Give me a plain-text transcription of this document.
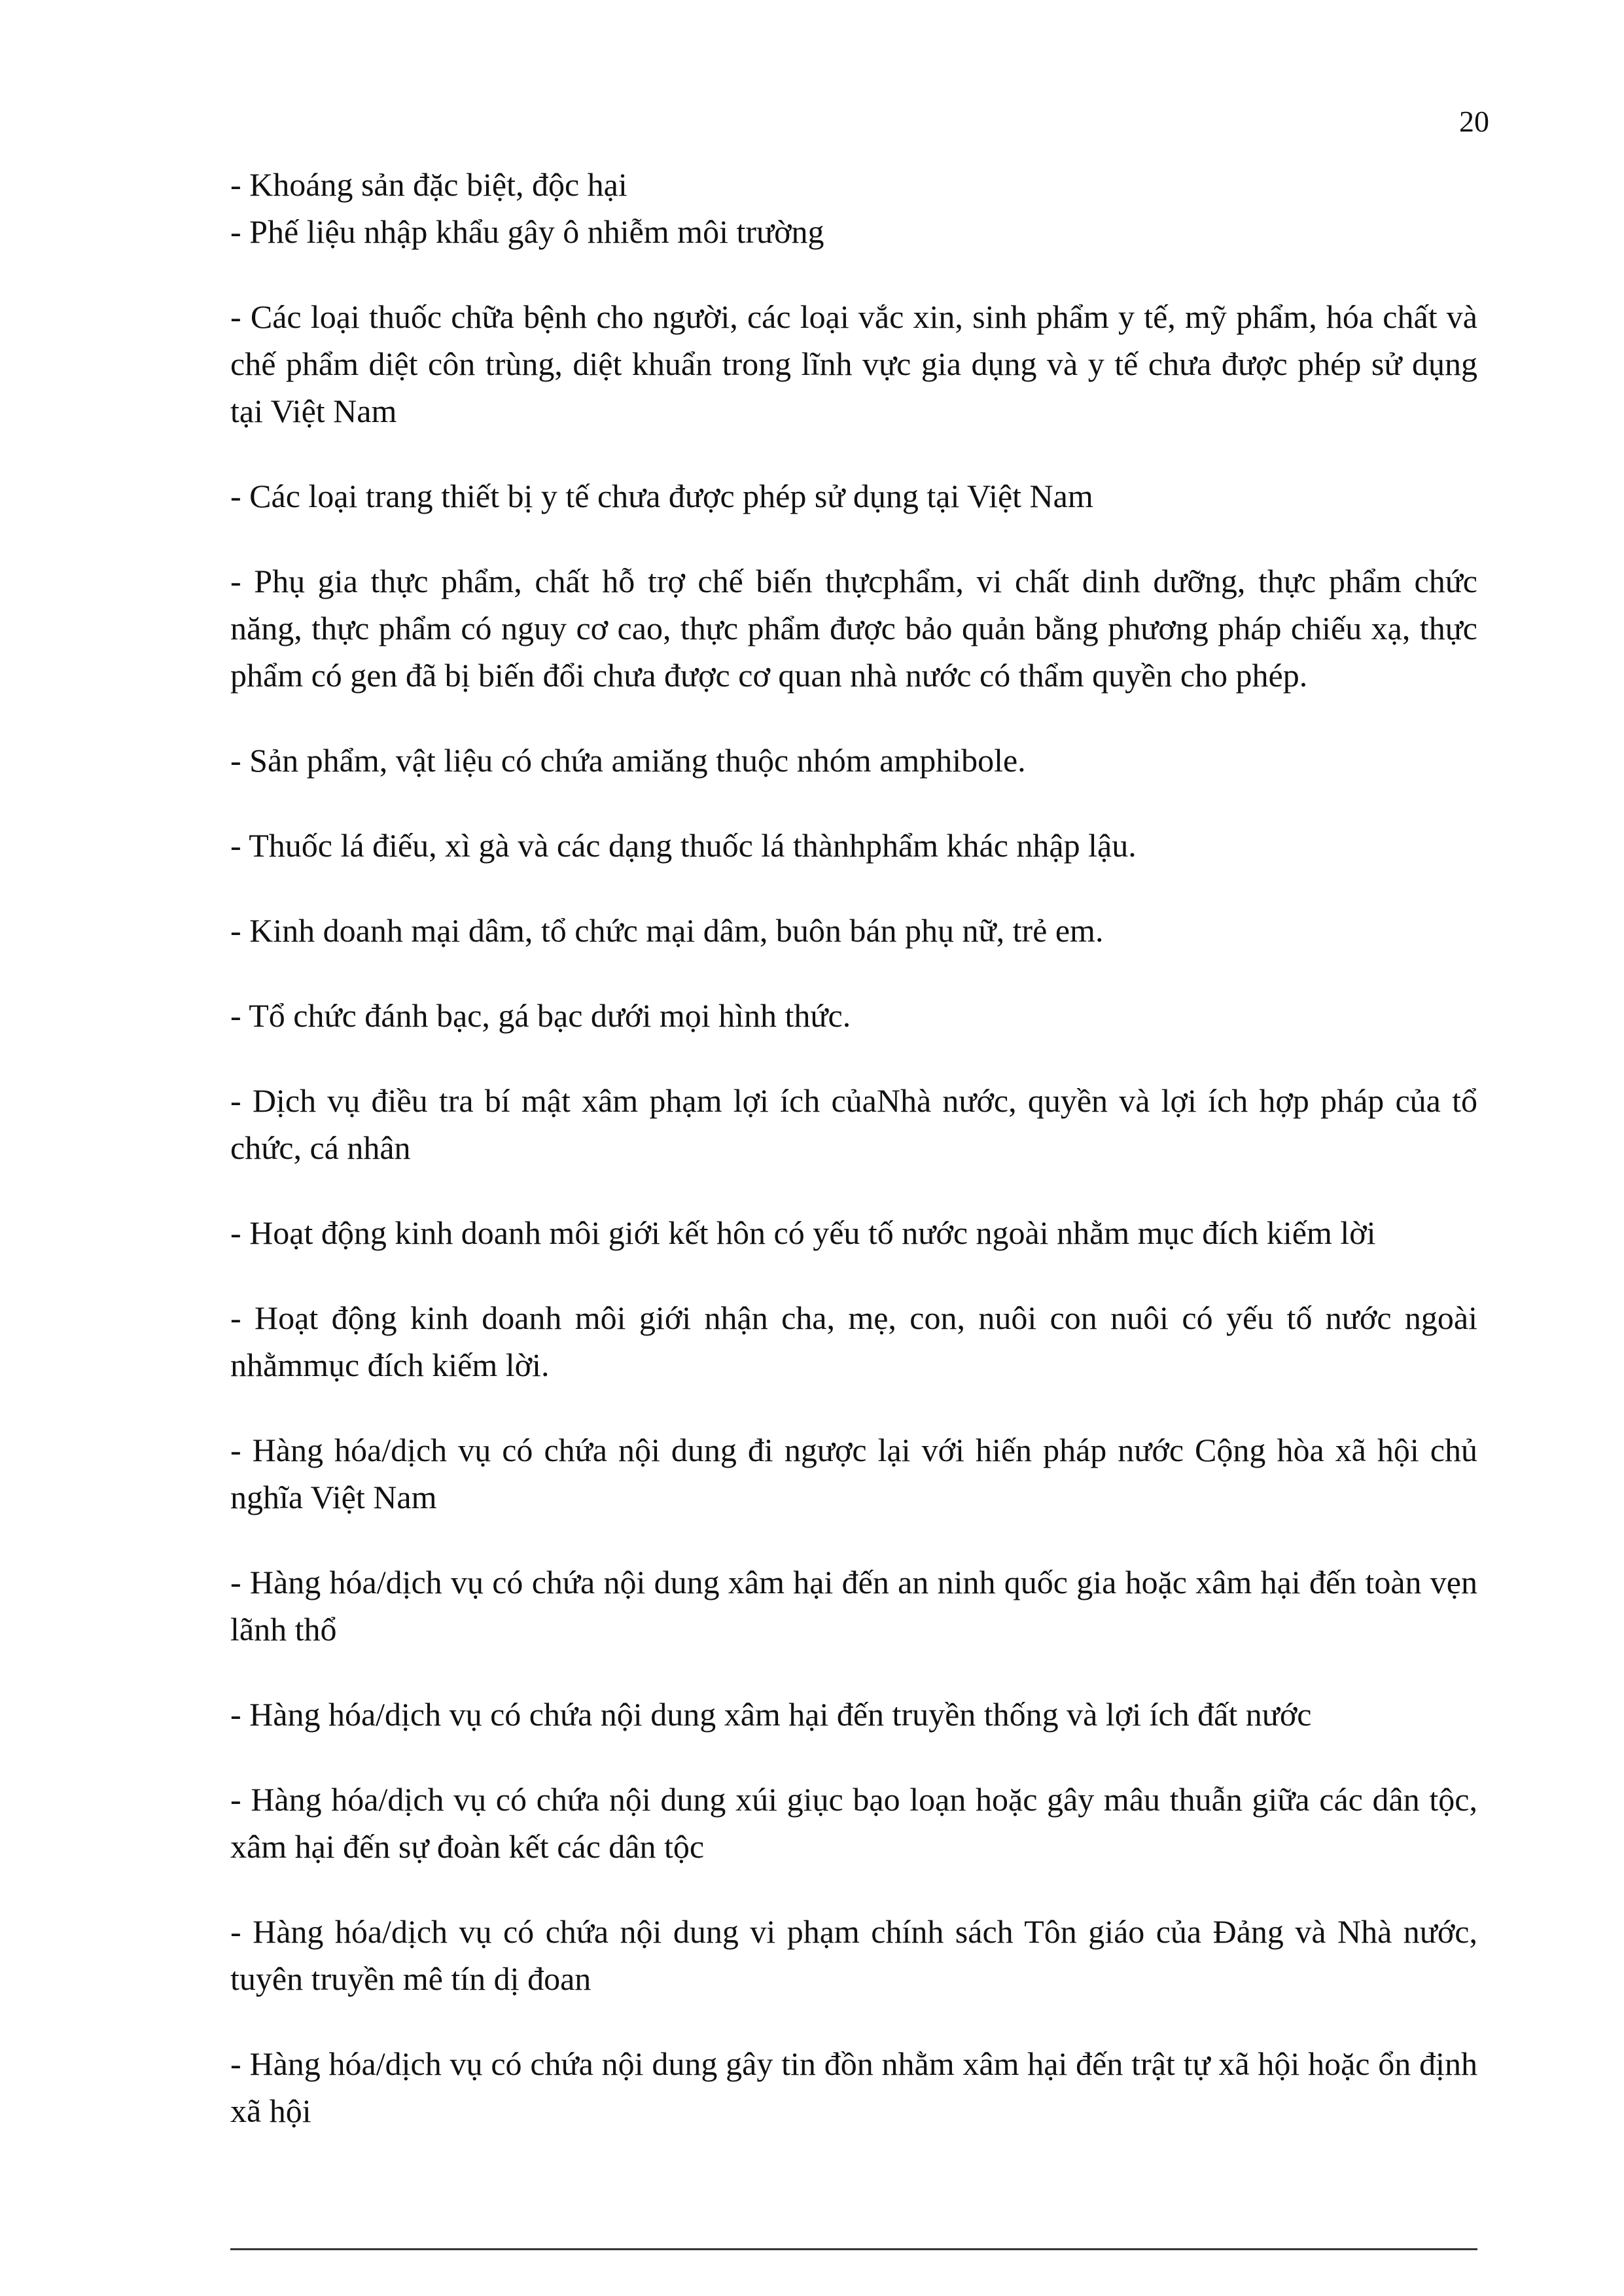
20

- Khoáng sản đặc biệt, độc hại

- Phế liệu nhập khẩu gây ô nhiễm môi trường

- Các loại thuốc chữa bệnh cho người, các loại vắc xin, sinh phẩm y tế, mỹ phẩm, hóa chất và chế phẩm diệt côn trùng, diệt khuẩn trong lĩnh vực gia dụng và y tế chưa được phép sử dụng tại Việt Nam

- Các loại trang thiết bị y tế chưa được phép sử dụng tại Việt Nam

- Phụ gia thực phẩm, chất hỗ trợ chế biến thựcphẩm, vi chất dinh dưỡng, thực phẩm chức năng, thực phẩm có nguy cơ cao, thực phẩm được bảo quản bằng phương pháp chiếu xạ, thực phẩm có gen đã bị biến đổi chưa được cơ quan nhà nước có thẩm quyền cho phép.

- Sản phẩm, vật liệu có chứa amiăng thuộc nhóm amphibole.

- Thuốc lá điếu, xì gà và các dạng thuốc lá thànhphẩm khác nhập lậu.

- Kinh doanh mại dâm, tổ chức mại dâm, buôn bán phụ nữ, trẻ em.

- Tổ chức đánh bạc, gá bạc dưới mọi hình thức.

- Dịch vụ điều tra bí mật xâm phạm lợi ích củaNhà nước, quyền và lợi ích hợp pháp của tổ chức, cá nhân

- Hoạt động kinh doanh môi giới kết hôn có yếu tố nước ngoài nhằm mục đích kiếm lời

- Hoạt động kinh doanh môi giới nhận cha, mẹ, con, nuôi con nuôi có yếu tố nước ngoài nhằmmục đích kiếm lời.

- Hàng hóa/dịch vụ có chứa nội dung đi ngược lại với hiến pháp nước Cộng hòa xã hội chủ nghĩa Việt Nam

- Hàng hóa/dịch vụ có chứa nội dung xâm hại đến an ninh quốc gia hoặc xâm hại đến toàn vẹn lãnh thổ

- Hàng hóa/dịch vụ có chứa nội dung xâm hại đến truyền thống và lợi ích đất nước

- Hàng hóa/dịch vụ có chứa nội dung xúi giục bạo loạn hoặc gây mâu thuẫn giữa các dân tộc, xâm hại đến sự đoàn kết các dân tộc

- Hàng hóa/dịch vụ có chứa nội dung vi phạm chính sách Tôn giáo của Đảng và Nhà nước, tuyên truyền mê tín dị đoan

- Hàng hóa/dịch vụ có chứa nội dung gây tin đồn nhằm xâm hại đến trật tự xã hội hoặc ổn định xã hội
